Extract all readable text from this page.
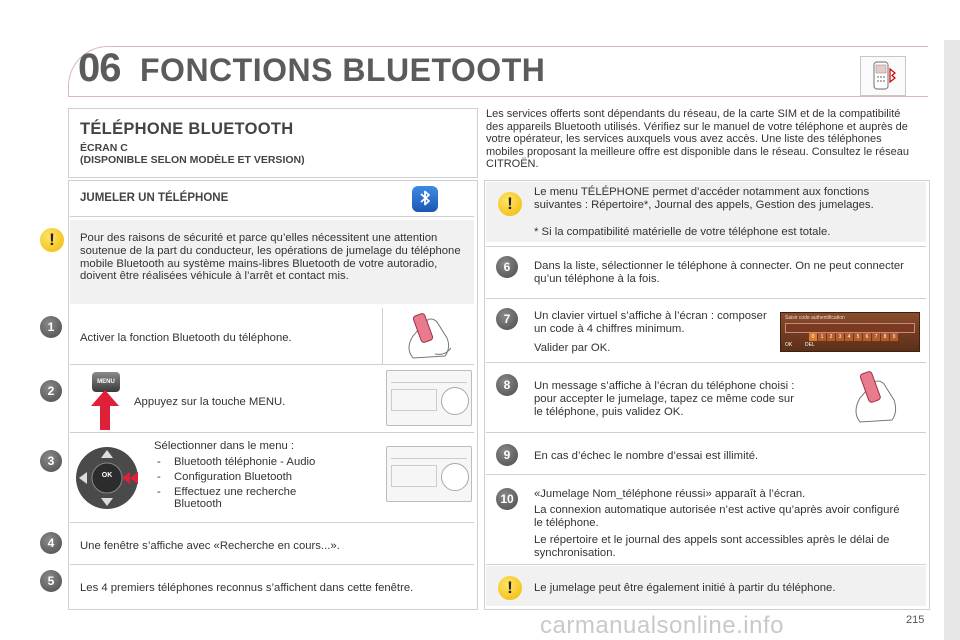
06 FONCTIONS BLUETOOTH
TÉLÉPHONE BLUETOOTH
ÉCRAN C
(DISPONIBLE SELON MODÈLE ET VERSION)
Les services offerts sont dépendants du réseau, de la carte SIM et de la compatibilité des appareils Bluetooth utilisés. Vérifiez sur le manuel de votre téléphone et auprès de votre opérateur, les services auxquels vous avez accès. Une liste des téléphones mobiles proposant la meilleure offre est disponible dans le réseau. Consultez le réseau CITROËN.
JUMELER UN TÉLÉPHONE
!	Pour des raisons de sécurité et parce qu’elles nécessitent une attention soutenue de la part du conducteur, les opérations de jumelage du téléphone mobile Bluetooth au système mains-libres Bluetooth de votre autoradio, doivent être réalisées véhicule à l’arrêt et contact mis.
1
Activer la fonction Bluetooth du téléphone.
2
MENU
Appuyez sur la touche MENU.
3
OK
Sélectionner dans le menu :
- Bluetooth téléphonie - Audio
- Configuration Bluetooth
- Effectuez une recherche Bluetooth
4	Une fenêtre s’affiche avec «Recherche en cours...».
5	Les 4 premiers téléphones reconnus s’affichent dans cette fenêtre.
!
Le menu TÉLÉPHONE permet d’accéder notamment aux fonctions suivantes : Répertoire*, Journal des appels, Gestion des jumelages.
* Si la compatibilité matérielle de votre téléphone est totale.
6	Dans la liste, sélectionner le téléphone à connecter. On ne peut connecter qu’un téléphone à la fois.
7	Un clavier virtuel s’affiche à l’écran : composer un code à 4 chiffres minimum.
Valider par OK.
Saisir code authentification
0	1	2	3	4	5	6	7	8	9
OK	DEL
8	Un message s’affiche à l’écran du téléphone choisi : pour accepter le jumelage, tapez ce même code sur le téléphone, puis validez OK.
9	En cas d’échec le nombre d’essai est illimité.
10	«Jumelage Nom_téléphone réussi» apparaît à l’écran.
La connexion automatique autorisée n’est active qu’après avoir configuré le téléphone.
Le répertoire et le journal des appels sont accessibles après le délai de synchronisation.
!	Le jumelage peut être également initié à partir du téléphone.
carmanualsonline.info	215
